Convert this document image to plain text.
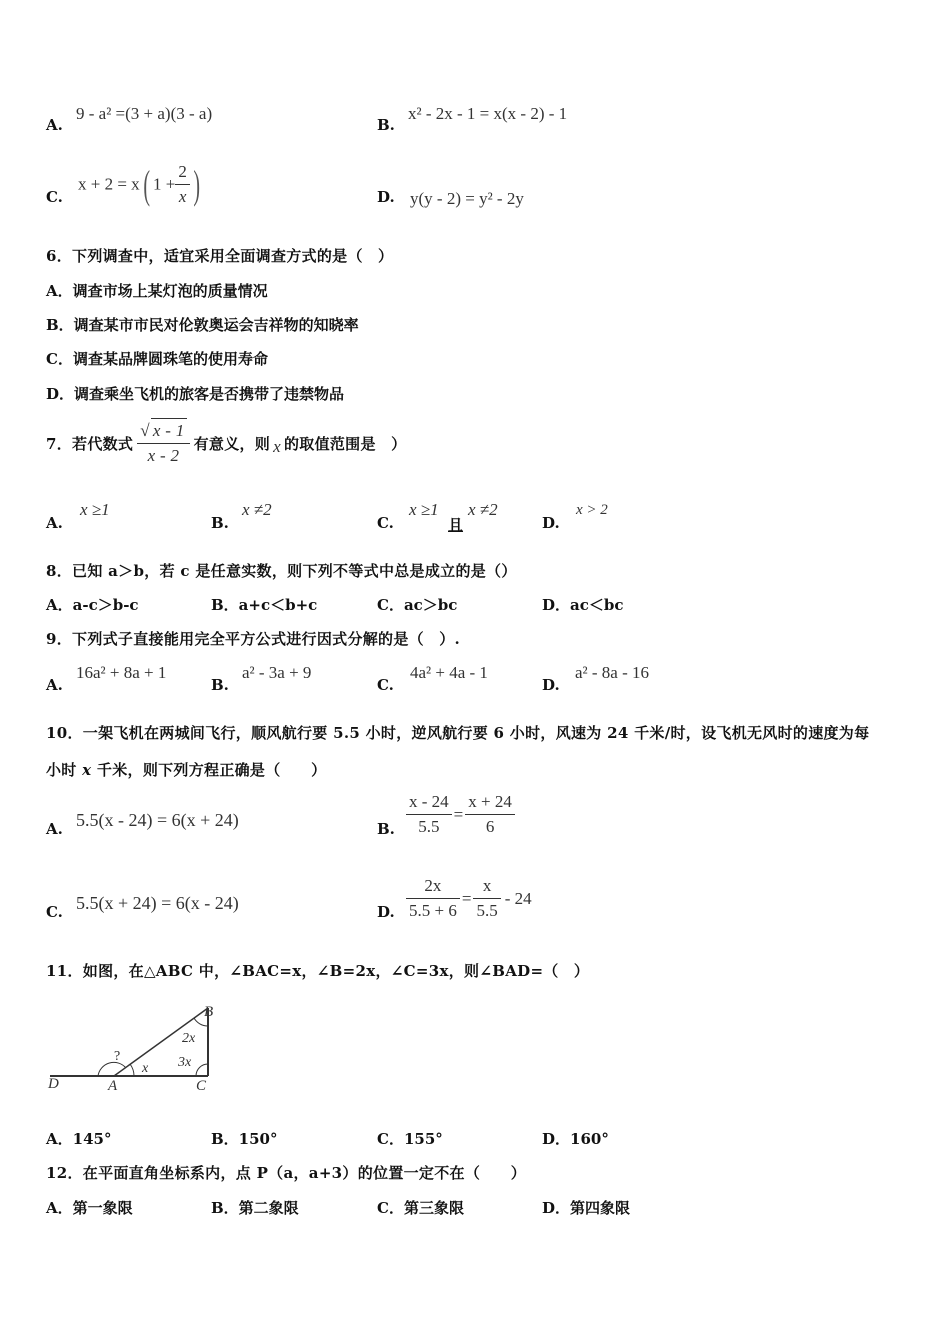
A.
9 - a² =(3 + a)(3 - a)
B.
x² - 2x - 1 = x(x - 2) - 1
C.
x + 2 = x( $1 + \frac{2}{x}$ )	D. y(y - 2) = y² - 2y
6．下列调查中，适宜采用全面调查方式的是（　）
A．调查市场上某灯泡的质量情况
B．调查某市市民对伦敦奥运会吉祥物的知晓率
C．调查某品牌圆珠笔的使用寿命
D．调查乘坐飞机的旅客是否携带了违禁物品
7．若代数式 $\frac{√ x - 1}{x - 2}$ 有意义，则 x 的取值范围是　）
A.
x ≥1
B.
x ≠2
C.
x ≥1
且
x ≠2
D.
x > 2
8．已知 a＞b，若 c 是任意实数，则下列不等式中总是成立的是（）
A．a-c＞b-c	B．a+c＜b+c	C．ac＞bc	D．ac＜bc
9．下列式子直接能用完全平方公式进行因式分解的是（　）.
A.
16a² + 8a + 1
B.
a² - 3a + 9
C.
4a² + 4a - 1
D.
a² - 8a - 16
10．一架飞机在两城间飞行，顺风航行要 5.5 小时，逆风航行要 6 小时，风速为 24 千米/时，设飞机无风时的速度为每
小时 x 千米，则下列方程正确是（　　）
A. 5.5(x - 24) = 6(x + 24)	B. $\frac{x - 24}{5.5} = \frac{x + 24}{6}$
C. 5.5(x + 24) = 6(x - 24)	D. $\frac{2x}{5.5 + 6} = \frac{x}{5.5} - 24$
11．如图，在△ABC 中，∠BAC=x，∠B=2x，∠C=3x，则∠BAD=（　）
B
D	A	C
2x
3x
x
?
A．145°	B．150°	C．155°	D．160°
12．在平面直角坐标系内，点 P（a，a+3）的位置一定不在（　　）
A．第一象限	B．第二象限	C．第三象限	D．第四象限
